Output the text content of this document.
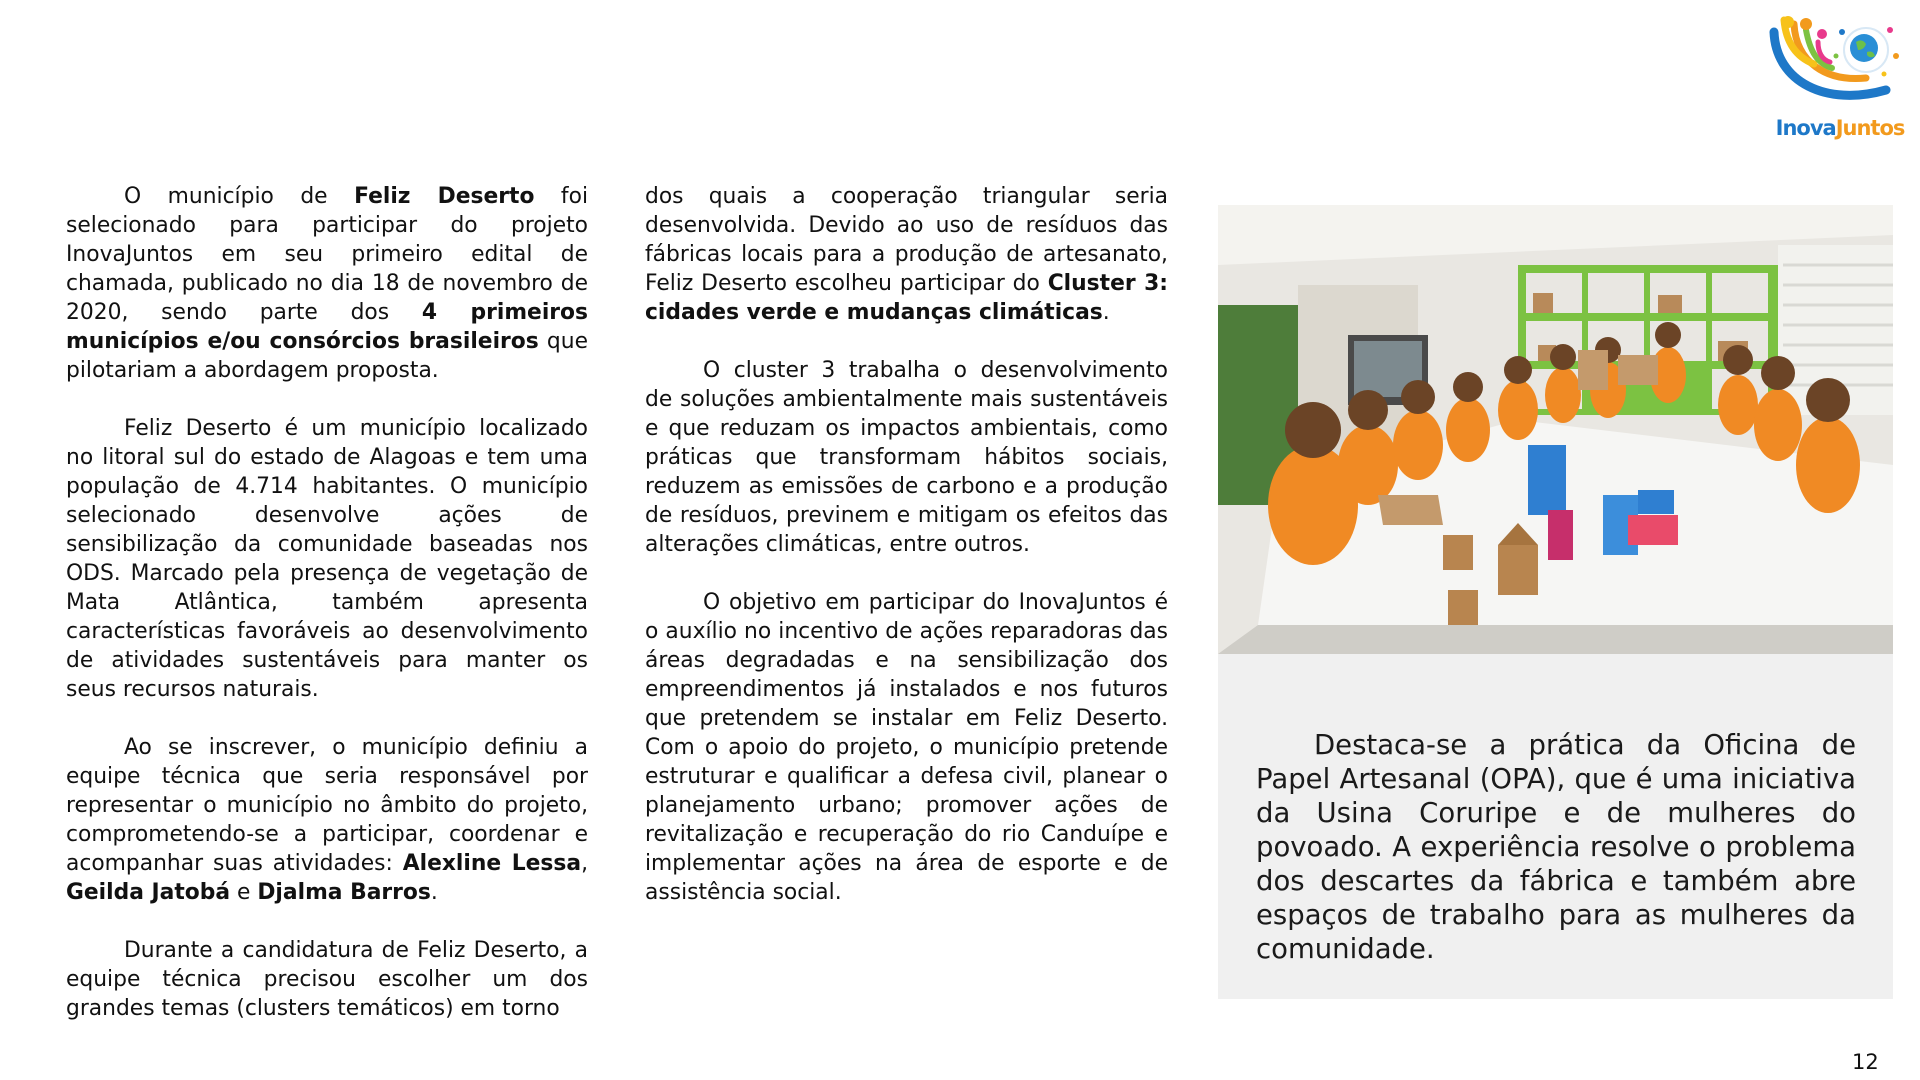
InovaJuntos

O município de Feliz Deserto foi selecionado para participar do projeto InovaJuntos em seu primeiro edital de chamada, publicado no dia 18 de novembro de 2020, sendo parte dos 4 primeiros municípios e/ou consórcios brasileiros que pilotariam a abordagem proposta.

Feliz Deserto é um município localizado no litoral sul do estado de Alagoas e tem uma população de 4.714 habitantes. O município selecionado desenvolve ações de sensibilização da comunidade baseadas nos ODS. Marcado pela presença de vegetação de Mata Atlântica, também apresenta características favoráveis ao desenvolvimento de atividades sustentáveis para manter os seus recursos naturais.

Ao se inscrever, o município definiu a equipe técnica que seria responsável por representar o município no âmbito do projeto, comprometendo-se a participar, coordenar e acompanhar suas atividades: Alexline Lessa, Geilda Jatobá e Djalma Barros.

Durante a candidatura de Feliz Deserto, a equipe técnica precisou escolher um dos grandes temas (clusters temáticos) em torno

dos quais a cooperação triangular seria desenvolvida. Devido ao uso de resíduos das fábricas locais para a produção de artesanato, Feliz Deserto escolheu participar do Cluster 3: cidades verde e mudanças climáticas.

O cluster 3 trabalha o desenvolvimento de soluções ambientalmente mais sustentáveis e que reduzam os impactos ambientais, como práticas que transformam hábitos sociais, reduzem as emissões de carbono e a produção de resíduos, previnem e mitigam os efeitos das alterações climáticas, entre outros.

O objetivo em participar do InovaJuntos é o auxílio no incentivo de ações reparadoras das áreas degradadas e na sensibilização dos empreendimentos já instalados e nos futuros que pretendem se instalar em Feliz Deserto. Com o apoio do projeto, o município pretende estruturar e qualificar a defesa civil, planear o planejamento urbano; promover ações de revitalização e recuperação do rio Canduípe e implementar ações na área de esporte e de assistência social.

Destaca-se a prática da Oficina de Papel Artesanal (OPA), que é uma iniciativa da Usina Coruripe e de mulheres do povoado. A experiência resolve o problema dos descartes da fábrica e também abre espaços de trabalho para as mulheres da comunidade.

12
